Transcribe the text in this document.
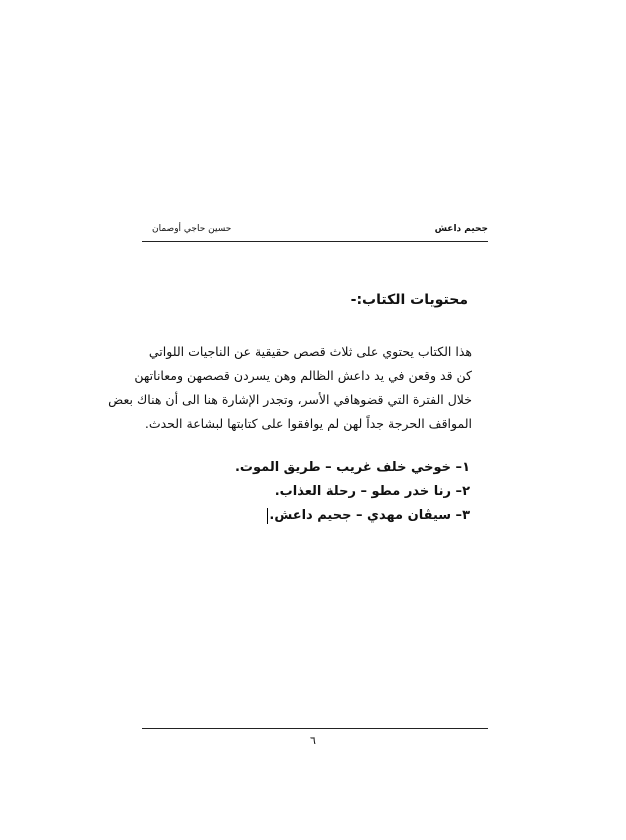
جحيم داعش
حسين حاجي أوصمان
محتويات الكتاب:-
هذا الكتاب يحتوي على ثلاث قصص حقيقية عن الناجيات اللواتي
كن قد وقعن في يد داعش الظالم وهن يسردن قصصهن ومعاناتهن
خلال الفترة التي قضوهافي الأسر، وتجدر الإشارة هنا الى أن هناك بعض
المواقف الحرجة جداً لهن لم يوافقوا على كتابتها لبشاعة الحدث.
١– خوخي خلف غريب – طريق الموت.
٢– رنا خدر مطو – رحلة العذاب.
٣– سيڤان مهدي – جحيم داعش.
٦
